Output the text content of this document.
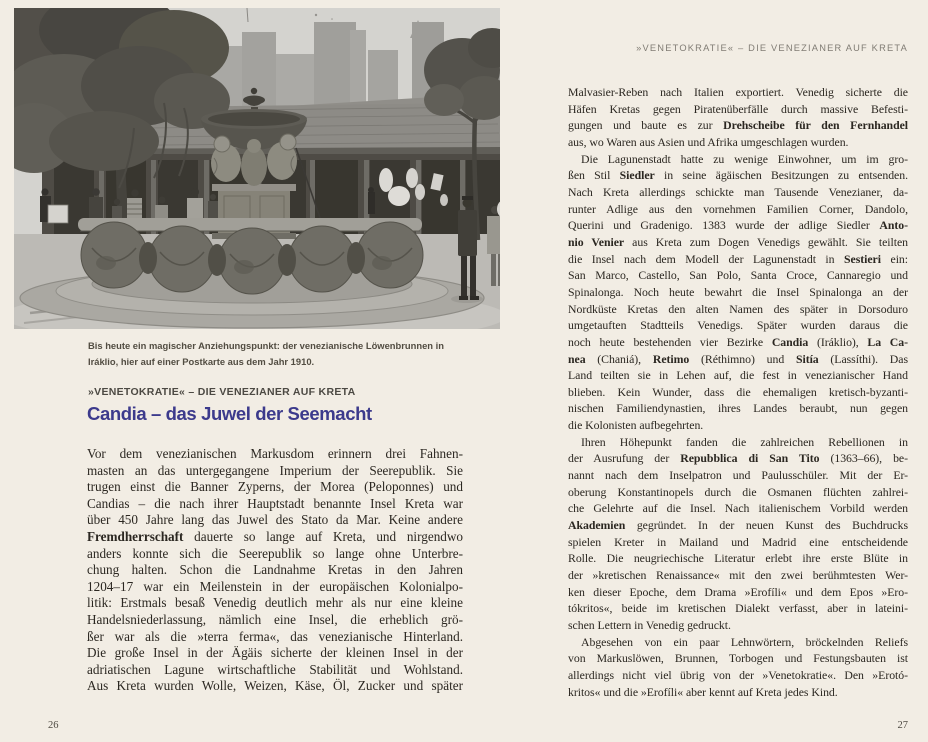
Bis heute ein magischer Anziehungspunkt: der venezianische Löwenbrunnen in
Iráklio, hier auf einer Postkarte aus dem Jahr 1910.
»VENETOKRATIE« – DIE VENEZIANER AUF KRETA
Candia – das Juwel der Seemacht
Vor dem venezianischen Markusdom erinnern drei Fahnen-
masten an das untergegangene Imperium der Seerepublik. Sie
trugen einst die Banner Zyperns, der Morea (Peloponnes) und
Candias – die nach ihrer Hauptstadt benannte Insel Kreta war
über 450 Jahre lang das Juwel des Stato da Mar. Keine andere
Fremdherrschaft dauerte so lange auf Kreta, und nirgendwo
anders konnte sich die Seerepublik so lange ohne Unterbre-
chung halten. Schon die Landnahme Kretas in den Jahren
1204–17 war ein Meilenstein in der europäischen Kolonialpo-
litik: Erstmals besaß Venedig deutlich mehr als nur eine kleine
Handelsniederlassung, nämlich eine Insel, die erheblich grö-
ßer war als die »terra ferma«, das venezianische Hinterland.
Die große Insel in der Ägäis sicherte der kleinen Insel in der
adriatischen Lagune wirtschaftliche Stabilität und Wohlstand.
Aus Kreta wurden Wolle, Weizen, Käse, Öl, Zucker und später
26
»VENETOKRATIE« – DIE VENEZIANER AUF KRETA
Malvasier-Reben nach Italien exportiert. Venedig sicherte die
Häfen Kretas gegen Piratenüberfälle durch massive Befesti-
gungen und baute es zur Drehscheibe für den Fernhandel
aus, wo Waren aus Asien und Afrika umgeschlagen wurden.
Die Lagunenstadt hatte zu wenige Einwohner, um im gro-
ßen Stil Siedler in seine ägäischen Besitzungen zu entsenden.
Nach Kreta allerdings schickte man Tausende Venezianer, da-
runter Adlige aus den vornehmen Familien Corner, Dandolo,
Querini und Gradenigo. 1383 wurde der adlige Siedler Anto-
nio Venier aus Kreta zum Dogen Venedigs gewählt. Sie teilten
die Insel nach dem Modell der Lagunenstadt in Sestieri ein:
San Marco, Castello, San Polo, Santa Croce, Cannaregio und
Spinalonga. Noch heute bewahrt die Insel Spinalonga an der
Nordküste Kretas den alten Namen des später in Dorsoduro
umgetauften Stadtteils Venedigs. Später wurden daraus die
noch heute bestehenden vier Bezirke Candia (Iráklio), La Ca-
nea (Chaniá), Retimo (Réthimno) und Sitía (Lassíthi). Das
Land teilten sie in Lehen auf, die fest in venezianischer Hand
blieben. Kein Wunder, dass die ehemaligen kretisch-byzanti-
nischen Familiendynastien, ihres Landes beraubt, nun gegen
die Kolonisten aufbegehrten.
Ihren Höhepunkt fanden die zahlreichen Rebellionen in
der Ausrufung der Repubblica di San Tito (1363–66), be-
nannt nach dem Inselpatron und Paulusschüler. Mit der Er-
oberung Konstantinopels durch die Osmanen flüchten zahlrei-
che Gelehrte auf die Insel. Nach italienischem Vorbild werden
Akademien gegründet. In der neuen Kunst des Buchdrucks
spielen Kreter in Mailand und Madrid eine entscheidende
Rolle. Die neugriechische Literatur erlebt ihre erste Blüte in
der »kretischen Renaissance« mit den zwei berühmtesten Wer-
ken dieser Epoche, dem Drama »Erofíli« und dem Epos »Ero-
tókritos«, beide im kretischen Dialekt verfasst, aber in lateini-
schen Lettern in Venedig gedruckt.
Abgesehen von ein paar Lehnwörtern, bröckelnden Reliefs
von Markuslöwen, Brunnen, Torbogen und Festungsbauten ist
allerdings nicht viel übrig von der »Venetokratie«. Den »Erotó-
kritos« und die »Erofíli« aber kennt auf Kreta jedes Kind.
27
